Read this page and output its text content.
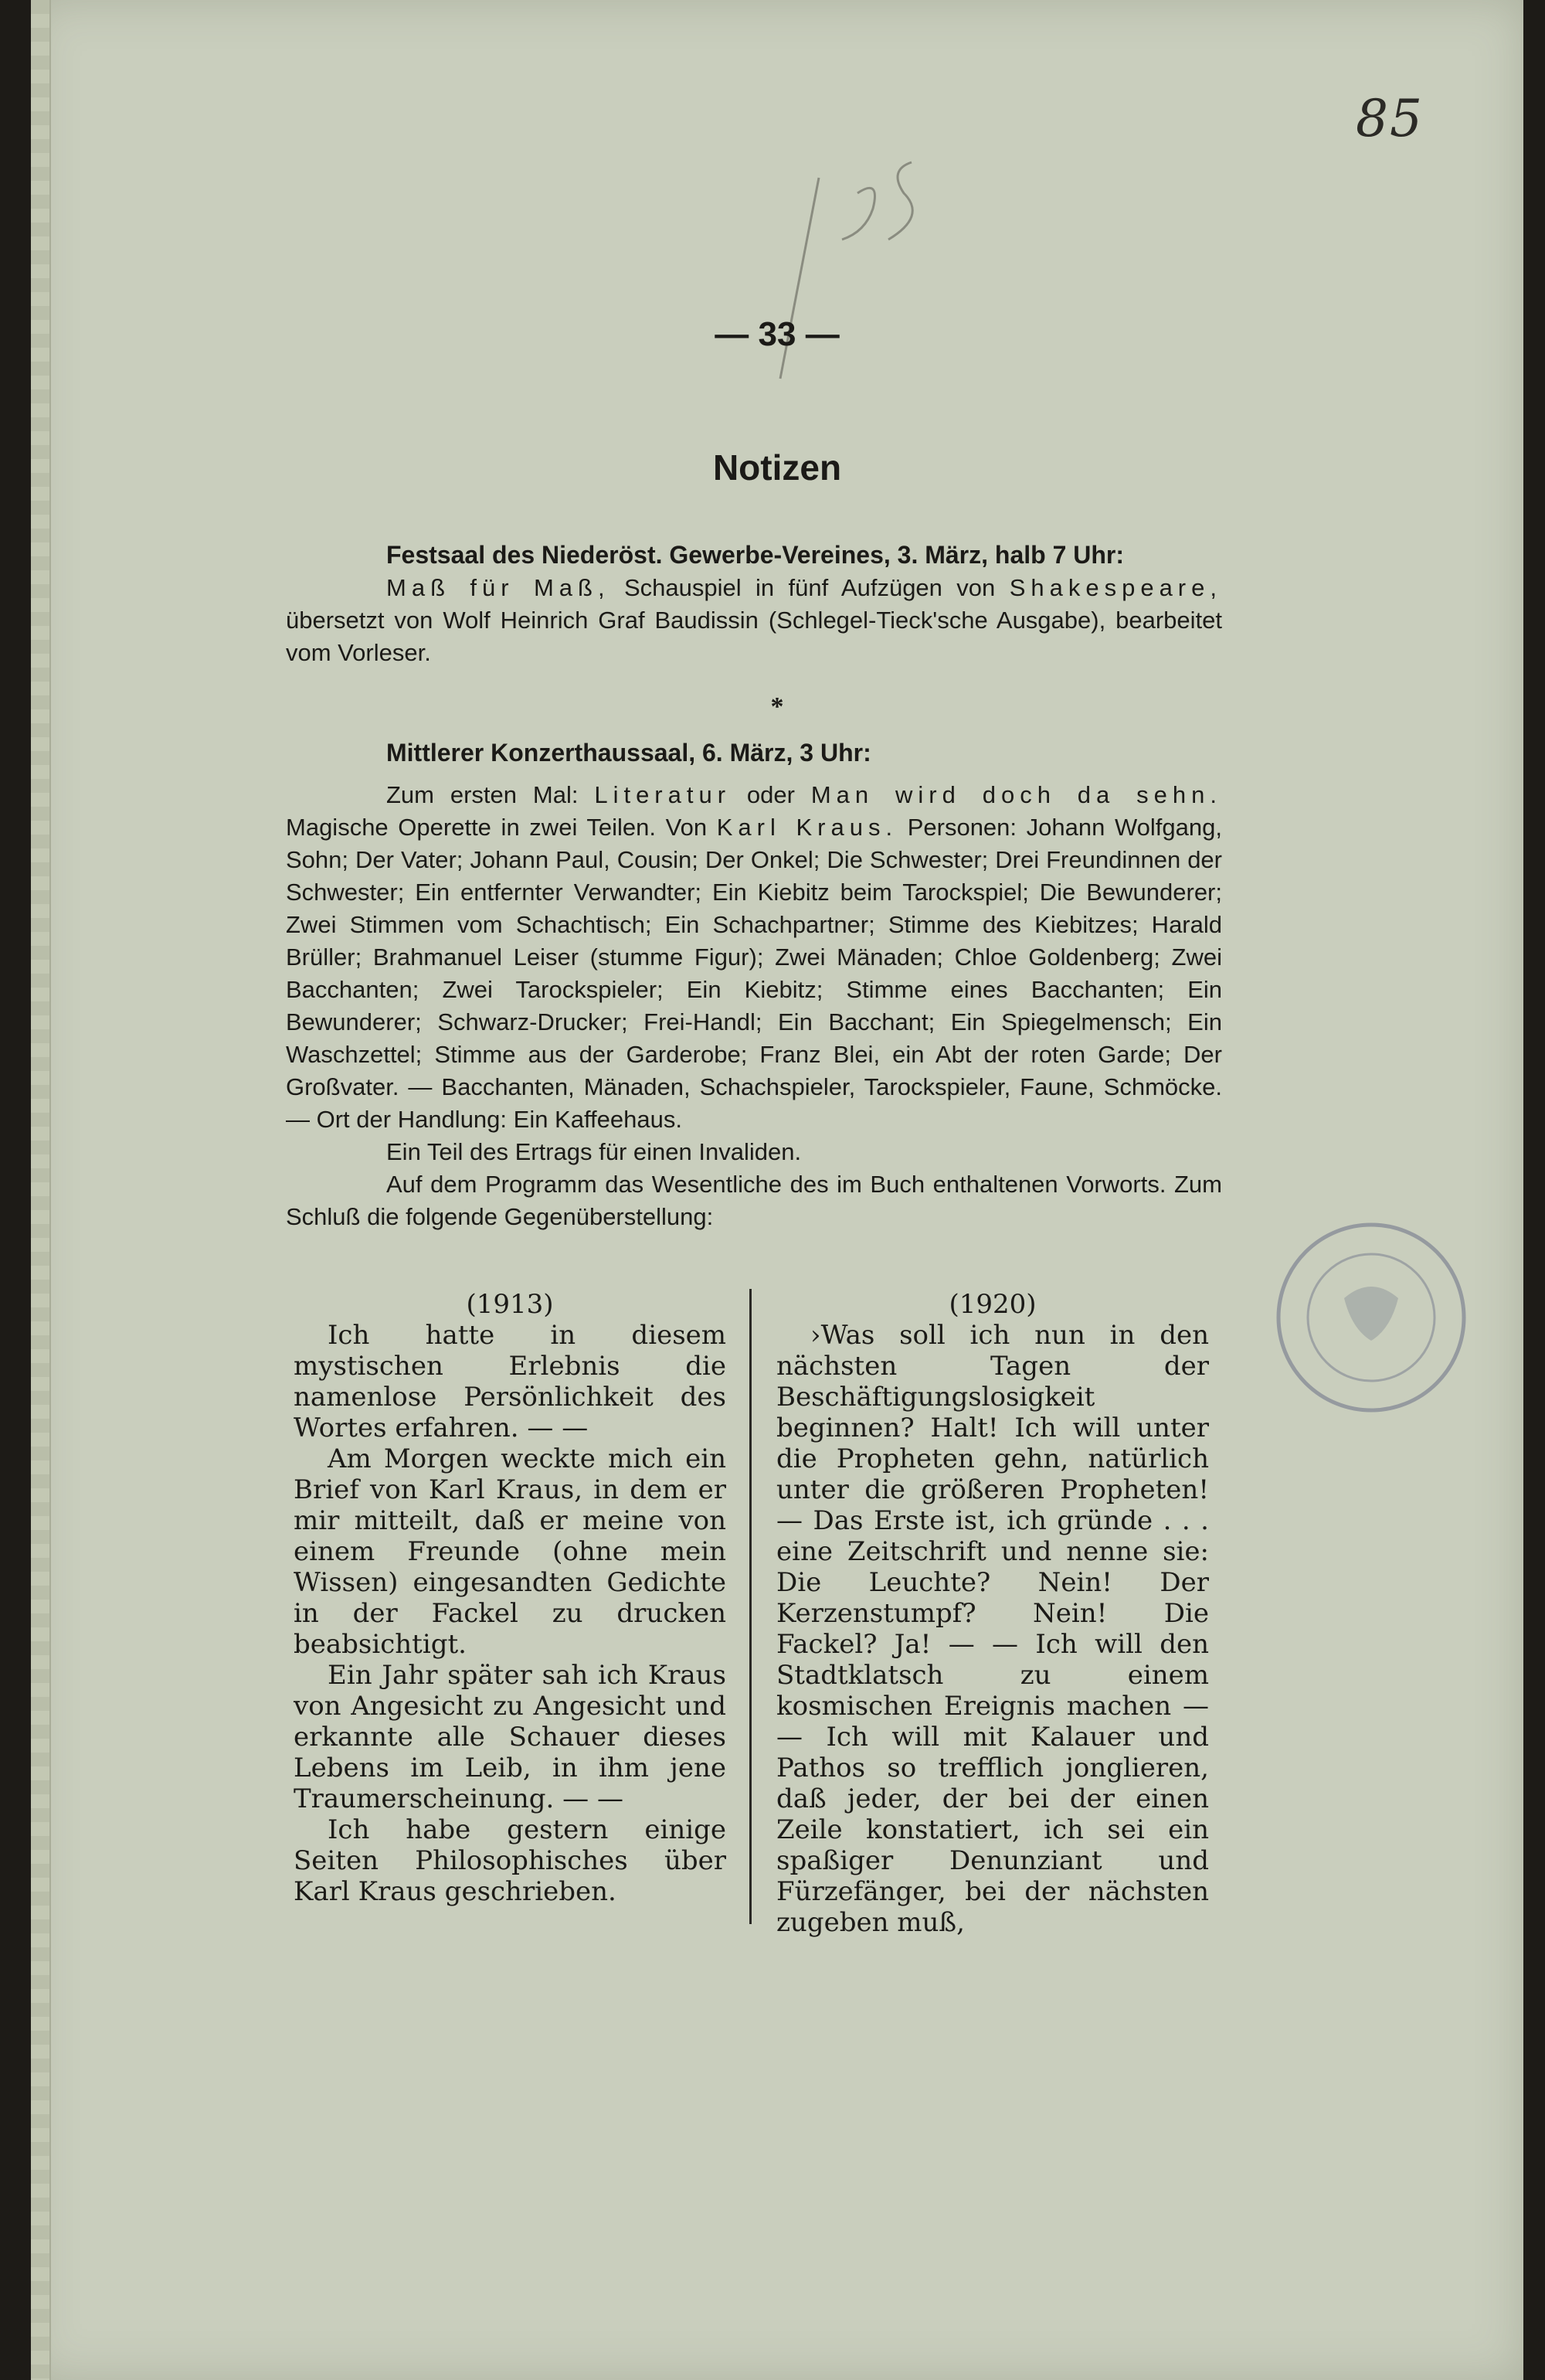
85
— 33 —
Notizen
Festsaal des Niederöst. Gewerbe-Vereines, 3. März, halb 7 Uhr:

Maß für Maß, Schauspiel in fünf Aufzügen von Shakespeare, übersetzt von Wolf Heinrich Graf Baudissin (Schlegel-Tieck'sche Ausgabe), bearbeitet vom Vorleser.

*
Mittlerer Konzerthaussaal, 6. März, 3 Uhr:

Zum ersten Mal: Literatur oder Man wird doch da sehn. Magische Operette in zwei Teilen. Von Karl Kraus. Personen: Johann Wolfgang, Sohn; Der Vater; Johann Paul, Cousin; Der Onkel; Die Schwester; Drei Freundinnen der Schwester; Ein entfernter Verwandter; Ein Kiebitz beim Tarockspiel; Die Bewunderer; Zwei Stimmen vom Schachtisch; Ein Schachpartner; Stimme des Kiebitzes; Harald Brüller; Brahmanuel Leiser (stumme Figur); Zwei Mänaden; Chloe Goldenberg; Zwei Bacchanten; Zwei Tarockspieler; Ein Kiebitz; Stimme eines Bacchanten; Ein Bewunderer; Schwarz-Drucker; Frei-Handl; Ein Bacchant; Ein Spiegelmensch; Ein Waschzettel; Stimme aus der Garderobe; Franz Blei, ein Abt der roten Garde; Der Großvater. — Bacchanten, Mänaden, Schachspieler, Tarockspieler, Faune, Schmöcke. — Ort der Handlung: Ein Kaffeehaus.

Ein Teil des Ertrags für einen Invaliden.

Auf dem Programm das Wesentliche des im Buch enthaltenen Vorworts. Zum Schluß die folgende Gegenüberstellung:

(1913)

Ich hatte in diesem mystischen Erlebnis die namenlose Persönlichkeit des Wortes erfahren. — —

Am Morgen weckte mich ein Brief von Karl Kraus, in dem er mir mitteilt, daß er meine von einem Freunde (ohne mein Wissen) eingesandten Gedichte in der Fackel zu drucken beabsichtigt.

Ein Jahr später sah ich Kraus von Angesicht zu Angesicht und erkannte alle Schauer dieses Lebens im Leib, in ihm jene Traumerscheinung. — —

Ich habe gestern einige Seiten Philosophisches über Karl Kraus geschrieben.

(1920)

›Was soll ich nun in den nächsten Tagen der Beschäftigungslosigkeit beginnen? Halt! Ich will unter die Propheten gehn, natürlich unter die größeren Propheten! — Das Erste ist, ich gründe . . . eine Zeitschrift und nenne sie: Die Leuchte? Nein! Der Kerzenstumpf? Nein! Die Fackel? Ja! — — Ich will den Stadtklatsch zu einem kosmischen Ereignis machen — — Ich will mit Kalauer und Pathos so trefflich jonglieren, daß jeder, der bei der einen Zeile konstatiert, ich sei ein spaßiger Denunziant und Fürzefänger, bei der nächsten zugeben muß,
